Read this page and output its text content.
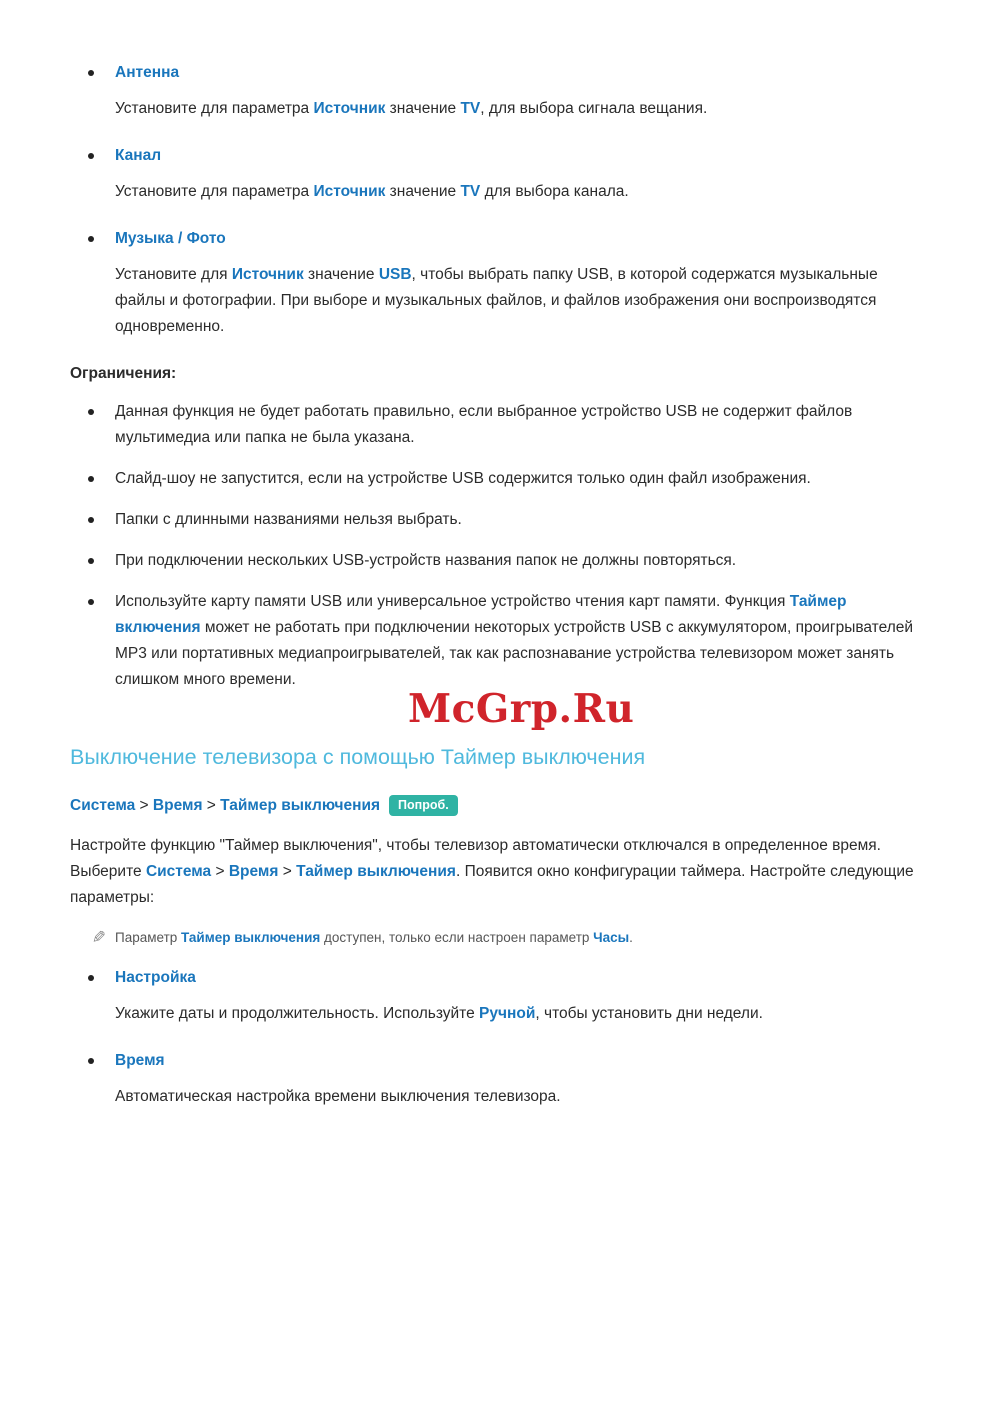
Антенна

Установите для параметра Источник значение TV, для выбора сигнала вещания.

Канал

Установите для параметра Источник значение TV для выбора канала.

Музыка / Фото

Установите для Источник значение USB, чтобы выбрать папку USB, в которой содержатся музыкальные файлы и фотографии. При выборе и музыкальных файлов, и файлов изображения они воспроизводятся одновременно.

Ограничения:

Данная функция не будет работать правильно, если выбранное устройство USB не содержит файлов мультимедиа или папка не была указана.

Слайд-шоу не запустится, если на устройстве USB содержится только один файл изображения.

Папки с длинными названиями нельзя выбрать.

При подключении нескольких USB-устройств названия папок не должны повторяться.

Используйте карту памяти USB или универсальное устройство чтения карт памяти. Функция Таймер включения может не работать при подключении некоторых устройств USB с аккумулятором, проигрывателей MP3 или портативных медиапроигрывателей, так как распознавание устройства телевизором может занять слишком много времени.

Выключение телевизора с помощью Таймер выключения
Система > Время > Таймер выключения	Попроб.

Настройте функцию "Таймер выключения", чтобы телевизор автоматически отключался в определенное время. Выберите Система > Время > Таймер выключения. Появится окно конфигурации таймера. Настройте следующие параметры:

✎ Параметр Таймер выключения доступен, только если настроен параметр Часы.
Настройка

Укажите даты и продолжительность. Используйте Ручной, чтобы установить дни недели.

Время

Автоматическая настройка времени выключения телевизора.

McGrp.Ru
